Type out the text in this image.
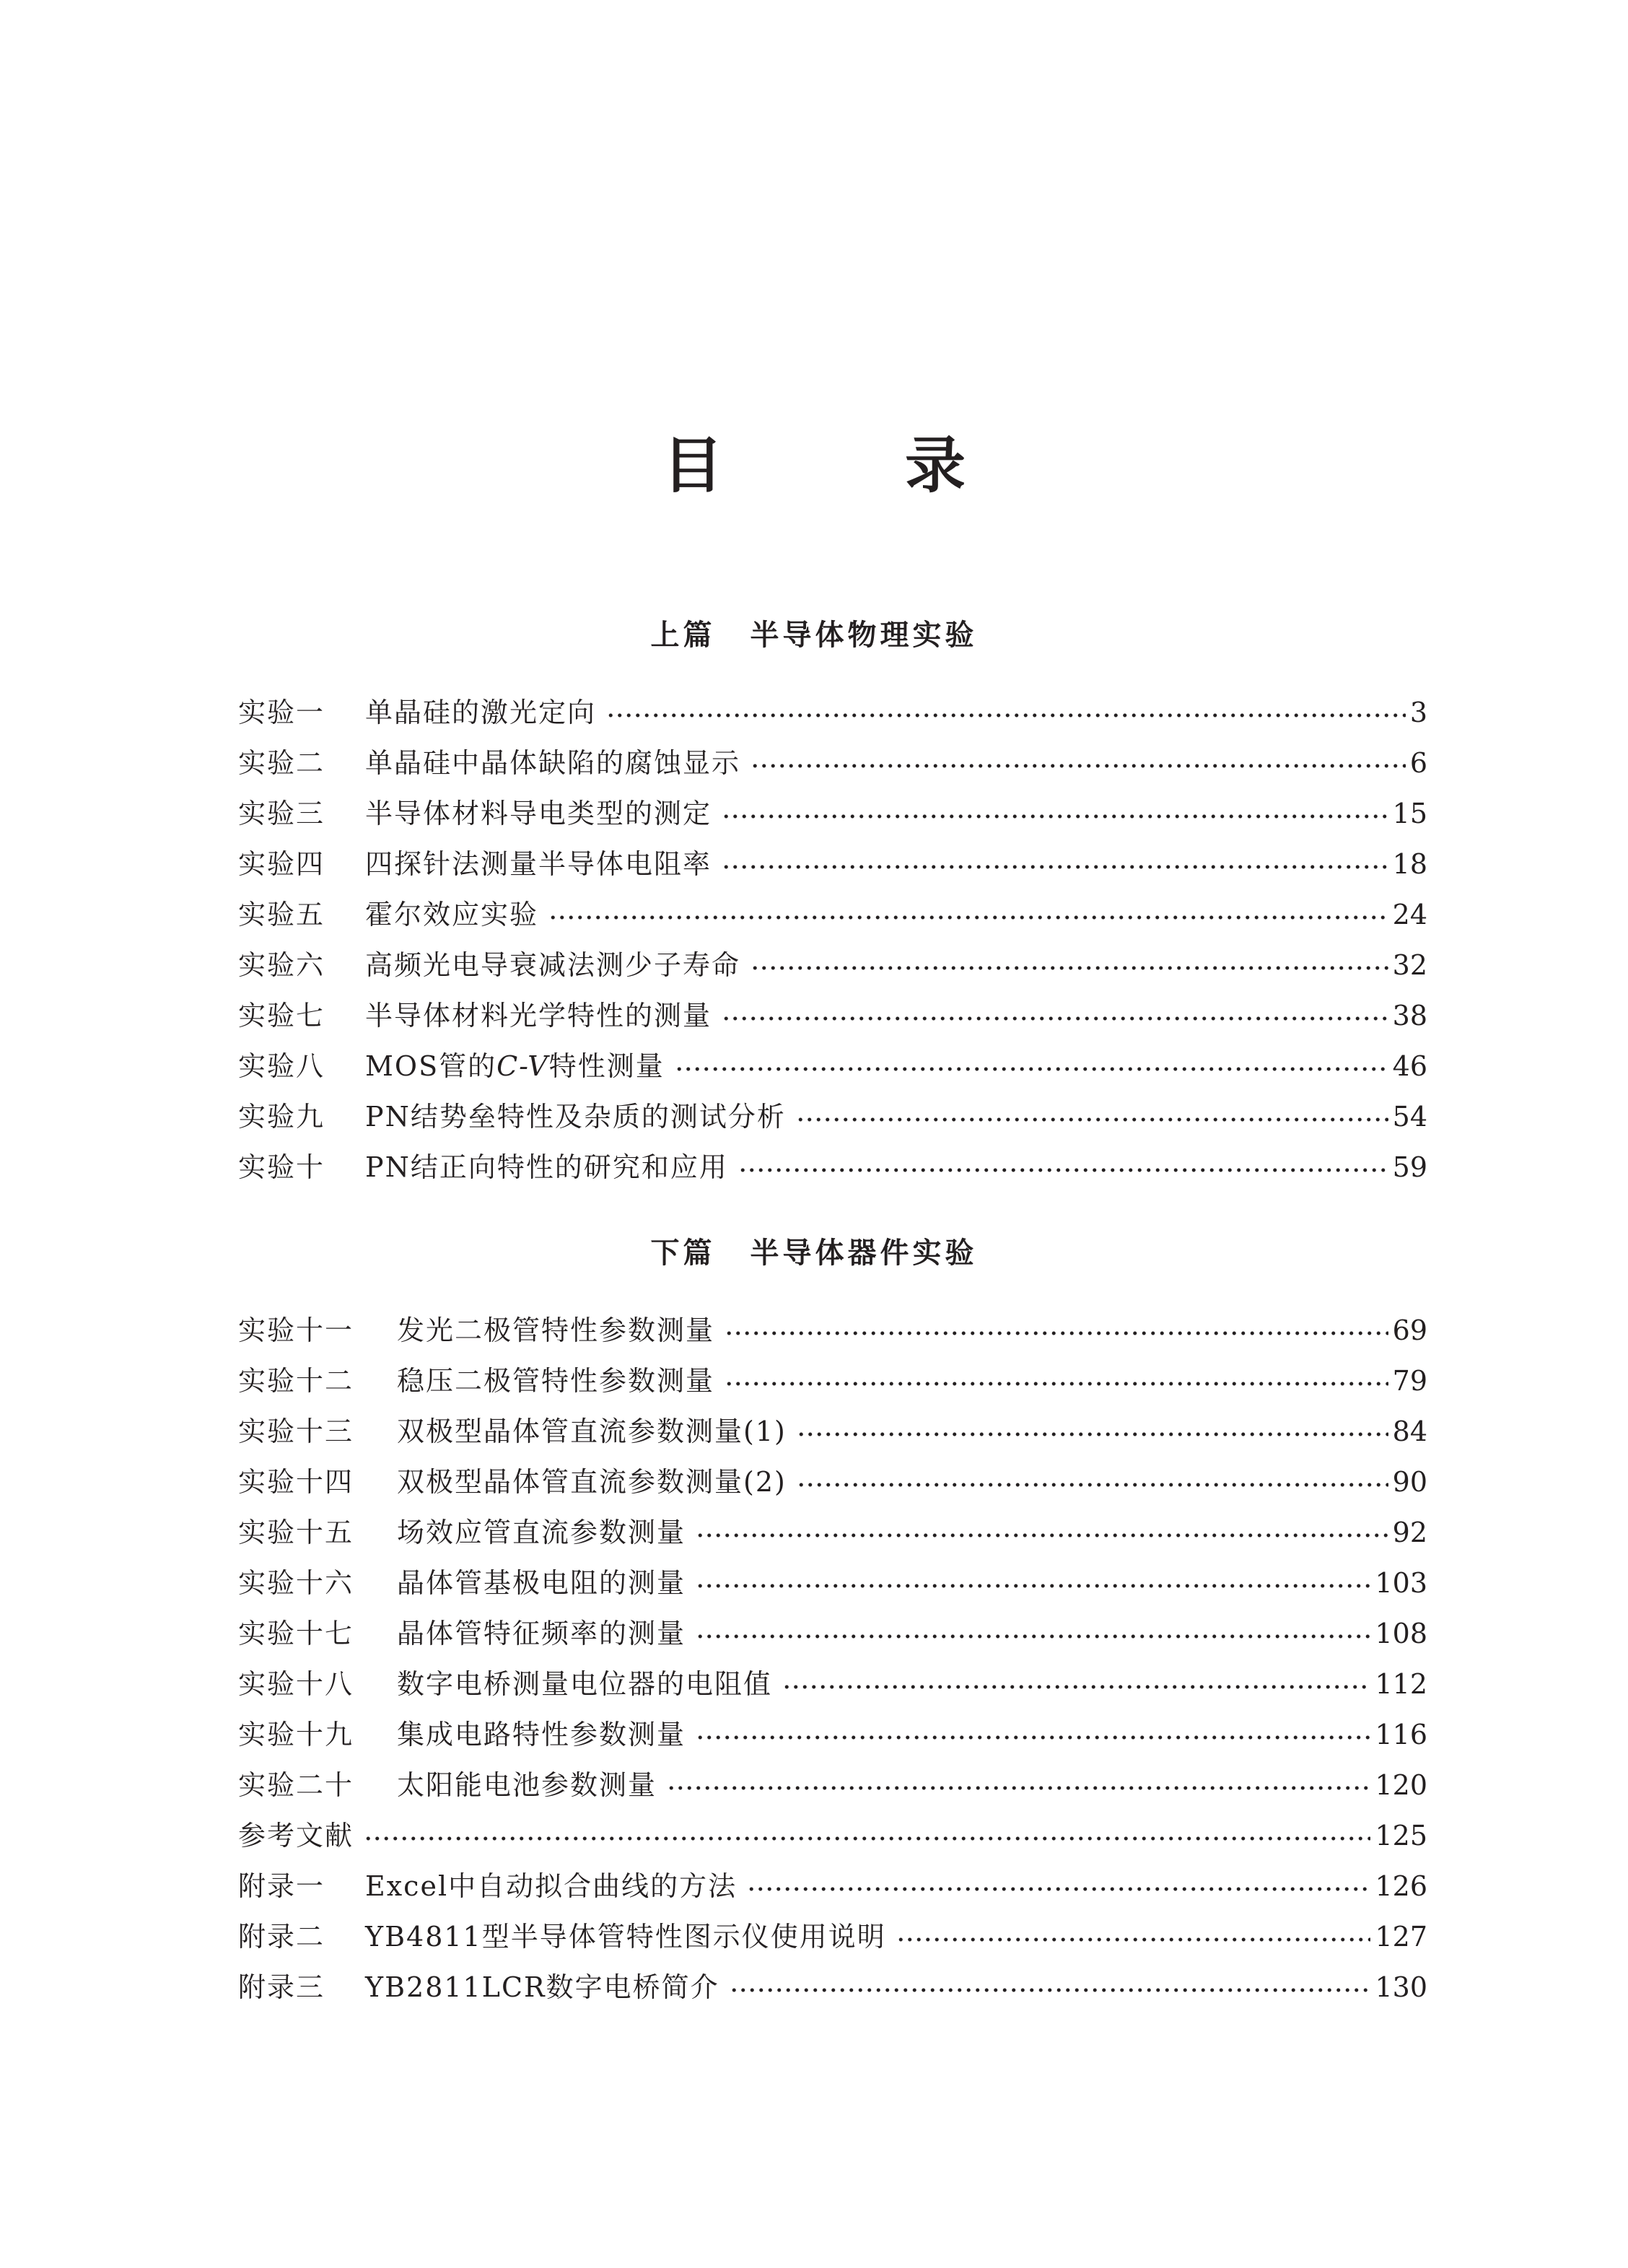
目　录
上篇 半导体物理实验
实验一	单晶硅的激光定向	3
实验二	单晶硅中晶体缺陷的腐蚀显示	6
实验三	半导体材料导电类型的测定	15
实验四	四探针法测量半导体电阻率	18
实验五	霍尔效应实验	24
实验六	高频光电导衰减法测少子寿命	32
实验七	半导体材料光学特性的测量	38
实验八	MOS管的C-V特性测量	46
实验九	PN结势垒特性及杂质的测试分析	54
实验十	PN结正向特性的研究和应用	59
下篇 半导体器件实验
实验十一	发光二极管特性参数测量	69
实验十二	稳压二极管特性参数测量	79
实验十三	双极型晶体管直流参数测量(1)	84
实验十四	双极型晶体管直流参数测量(2)	90
实验十五	场效应管直流参数测量	92
实验十六	晶体管基极电阻的测量	103
实验十七	晶体管特征频率的测量	108
实验十八	数字电桥测量电位器的电阻值	112
实验十九	集成电路特性参数测量	116
实验二十	太阳能电池参数测量	120
参考文献	125
附录一	Excel中自动拟合曲线的方法	126
附录二	YB4811型半导体管特性图示仪使用说明	127
附录三	YB2811LCR数字电桥简介	130
